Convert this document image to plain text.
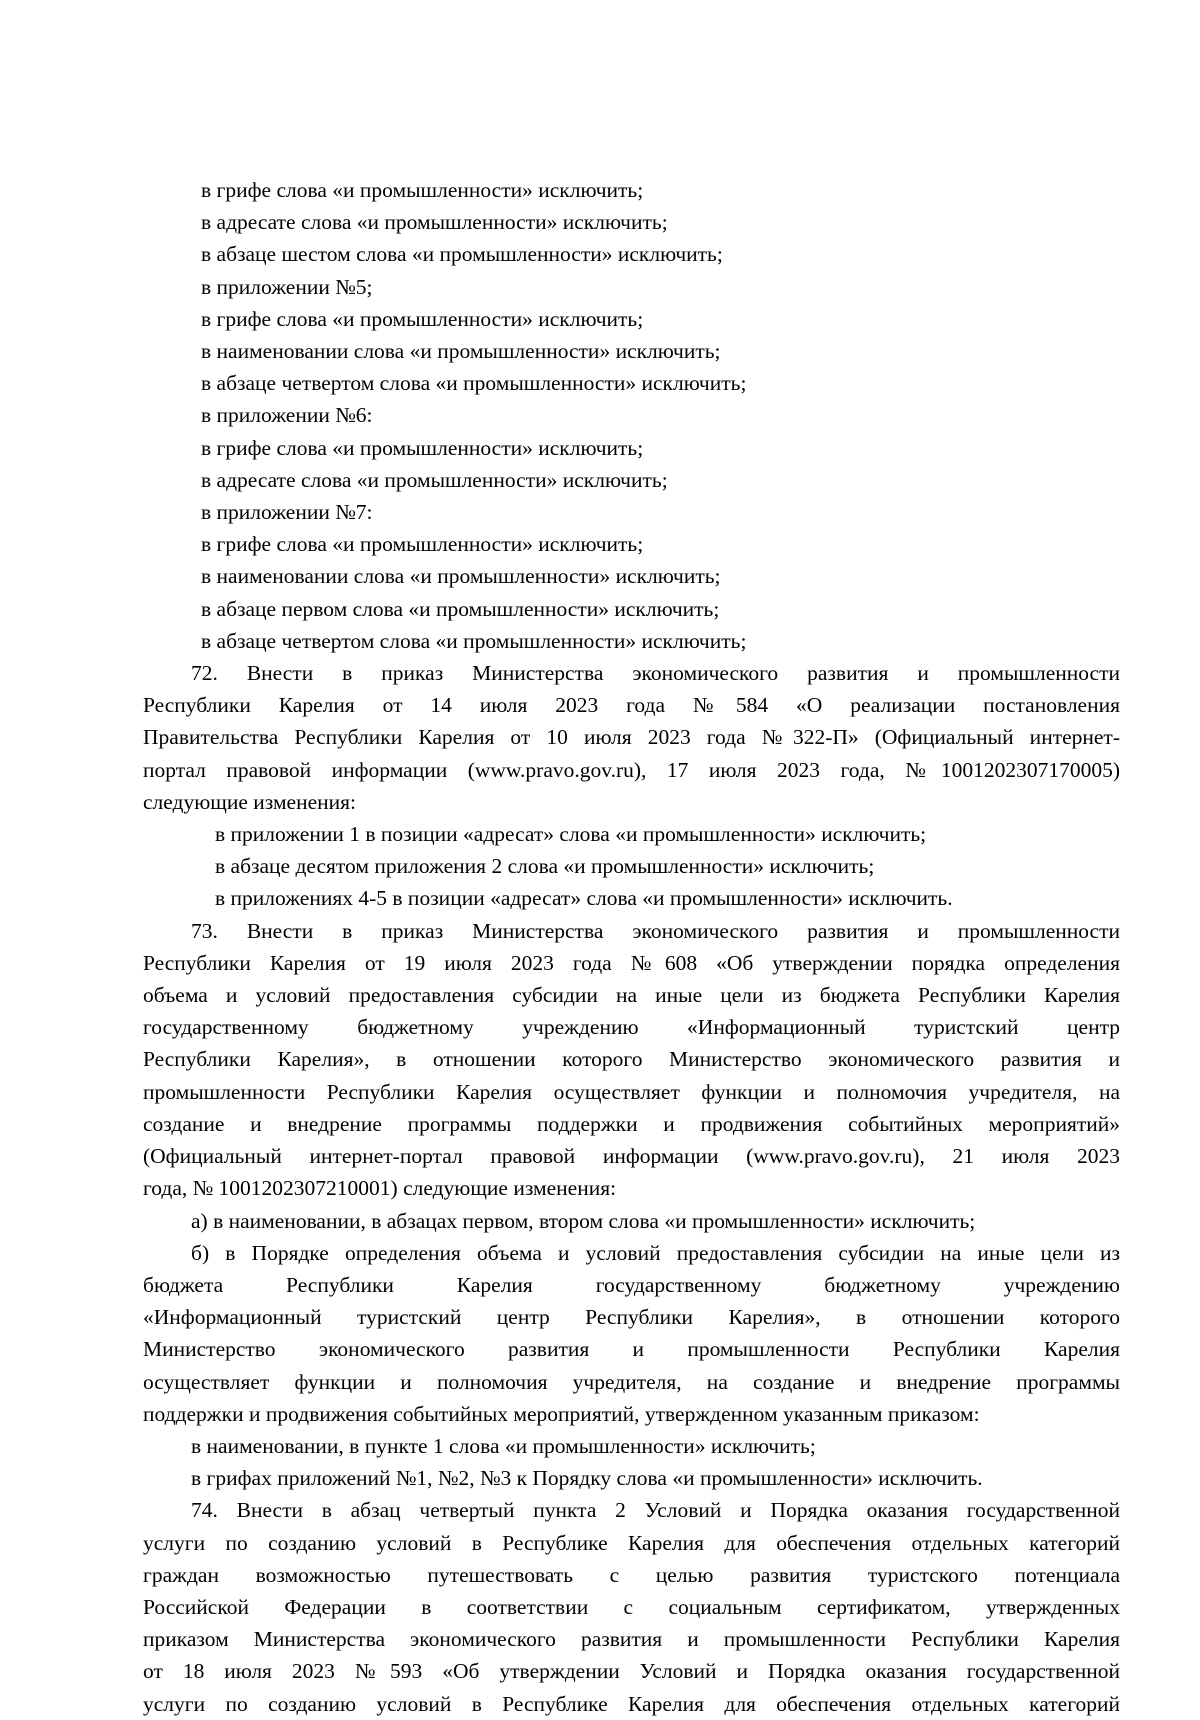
в грифе слова «и промышленности» исключить;
в адресате слова «и промышленности» исключить;
в абзаце шестом слова «и промышленности» исключить;
в приложении №5;
в грифе слова «и промышленности» исключить;
в наименовании слова «и промышленности» исключить;
в абзаце четвертом слова «и промышленности» исключить;
в приложении №6:
в грифе слова «и промышленности» исключить;
в адресате слова «и промышленности» исключить;
в приложении №7:
в грифе слова «и промышленности» исключить;
в наименовании слова «и промышленности» исключить;
в абзаце первом слова «и промышленности» исключить;
в абзаце четвертом слова «и промышленности» исключить;
72. Внести в приказ Министерства экономического развития и промышленности
Республики Карелия от 14 июля 2023 года №584 «О реализации постановления
Правительства Республики Карелия от 10 июля 2023 года №322-П» (Официальный интернет-
портал правовой информации (www.pravo.gov.ru), 17 июля 2023 года, №1001202307170005)
следующие изменения:
в приложении 1 в позиции «адресат» слова «и промышленности» исключить;
в абзаце десятом приложения 2 слова «и промышленности» исключить;
в приложениях 4-5 в позиции «адресат» слова «и промышленности» исключить.
73. Внести в приказ Министерства экономического развития и промышленности
Республики Карелия от 19 июля 2023 года №608 «Об утверждении порядка определения
объема и условий предоставления субсидии на иные цели из бюджета Республики Карелия
государственному бюджетному учреждению «Информационный туристский центр
Республики Карелия», в отношении которого Министерство экономического развития и
промышленности Республики Карелия осуществляет функции и полномочия учредителя, на
создание и внедрение программы поддержки и продвижения событийных мероприятий»
(Официальный интернет-портал правовой информации (www.pravo.gov.ru), 21 июля 2023
года, № 1001202307210001) следующие изменения:
а) в наименовании, в абзацах первом, втором слова «и промышленности» исключить;
б) в Порядке определения объема и условий предоставления субсидии на иные цели из
бюджета Республики Карелия государственному бюджетному учреждению
«Информационный туристский центр Республики Карелия», в отношении которого
Министерство экономического развития и промышленности Республики Карелия
осуществляет функции и полномочия учредителя, на создание и внедрение программы
поддержки и продвижения событийных мероприятий, утвержденном указанным приказом:
в наименовании, в пункте 1 слова «и промышленности» исключить;
в грифах приложений №1, №2, №3 к Порядку слова «и промышленности» исключить.
74. Внести в абзац четвертый пункта 2 Условий и Порядка оказания государственной
услуги по созданию условий в Республике Карелия для обеспечения отдельных категорий
граждан возможностью путешествовать с целью развития туристского потенциала
Российской Федерации в соответствии с социальным сертификатом, утвержденных
приказом Министерства экономического развития и промышленности Республики Карелия
от 18 июля 2023 №593 «Об утверждении Условий и Порядка оказания государственной
услуги по созданию условий в Республике Карелия для обеспечения отдельных категорий
